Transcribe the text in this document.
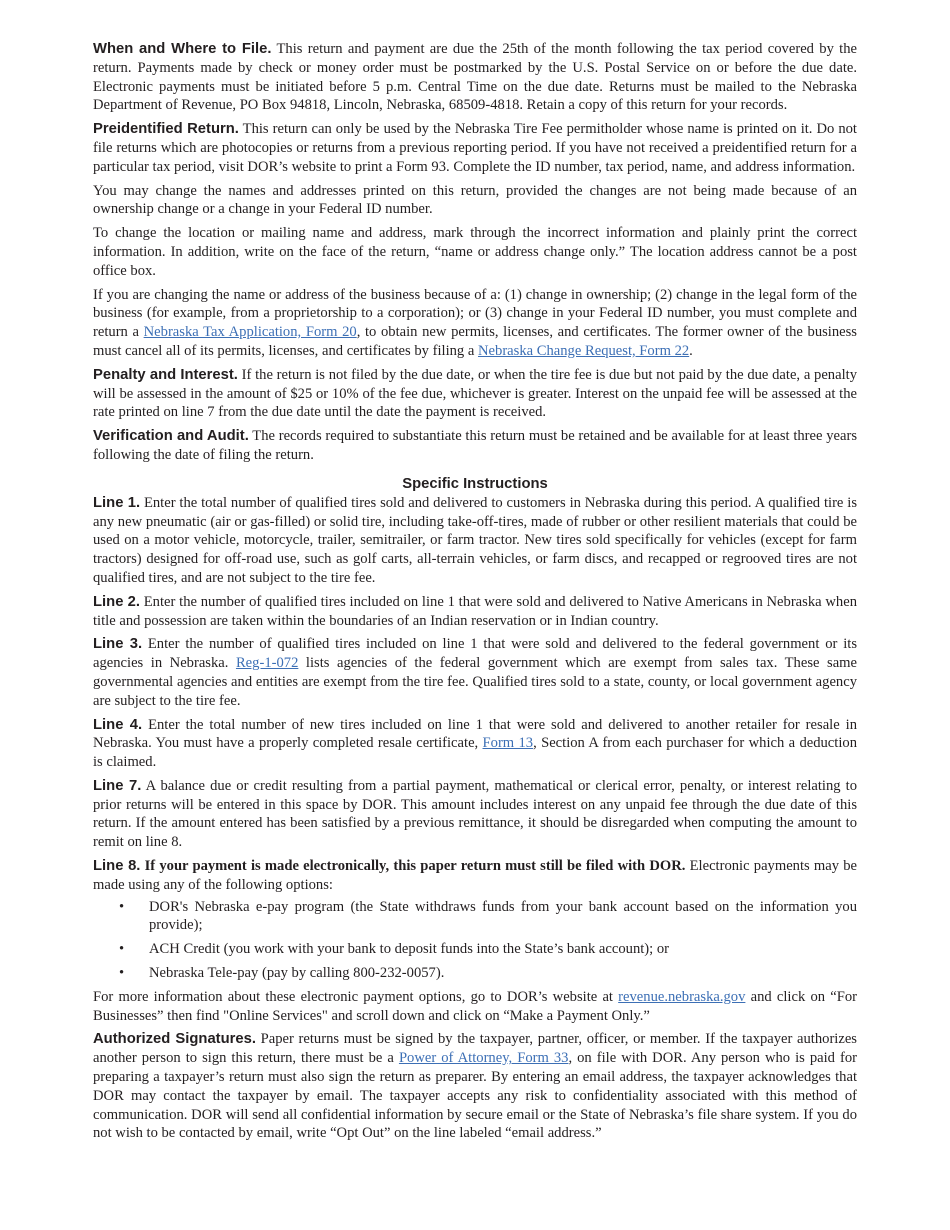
When and Where to File. This return and payment are due the 25th of the month following the tax period covered by the return. Payments made by check or money order must be postmarked by the U.S. Postal Service on or before the due date. Electronic payments must be initiated before 5 p.m. Central Time on the due date. Returns must be mailed to the Nebraska Department of Revenue, PO Box 94818, Lincoln, Nebraska, 68509-4818. Retain a copy of this return for your records.

Preidentified Return. This return can only be used by the Nebraska Tire Fee permitholder whose name is printed on it. Do not file returns which are photocopies or returns from a previous reporting period. If you have not received a preidentified return for a particular tax period, visit DOR’s website to print a Form 93. Complete the ID number, tax period, name, and address information.

You may change the names and addresses printed on this return, provided the changes are not being made because of an ownership change or a change in your Federal ID number.

To change the location or mailing name and address, mark through the incorrect information and plainly print the correct information. In addition, write on the face of the return, “name or address change only.” The location address cannot be a post office box.

If you are changing the name or address of the business because of a: (1) change in ownership; (2) change in the legal form of the business (for example, from a proprietorship to a corporation); or (3) change in your Federal ID number, you must complete and return a Nebraska Tax Application, Form 20, to obtain new permits, licenses, and certificates. The former owner of the business must cancel all of its permits, licenses, and certificates by filing a Nebraska Change Request, Form 22.

Penalty and Interest. If the return is not filed by the due date, or when the tire fee is due but not paid by the due date, a penalty will be assessed in the amount of $25 or 10% of the fee due, whichever is greater. Interest on the unpaid fee will be assessed at the rate printed on line 7 from the due date until the date the payment is received.

Verification and Audit. The records required to substantiate this return must be retained and be available for at least three years following the date of filing the return.

Specific Instructions

Line 1. Enter the total number of qualified tires sold and delivered to customers in Nebraska during this period. A qualified tire is any new pneumatic (air or gas-filled) or solid tire, including take-off-tires, made of rubber or other resilient materials that could be used on a motor vehicle, motorcycle, trailer, semitrailer, or farm tractor. New tires sold specifically for vehicles (except for farm tractors) designed for off-road use, such as golf carts, all-terrain vehicles, or farm discs, and recapped or regrooved tires are not qualified tires, and are not subject to the tire fee.

Line 2. Enter the number of qualified tires included on line 1 that were sold and delivered to Native Americans in Nebraska when title and possession are taken within the boundaries of an Indian reservation or in Indian country.

Line 3. Enter the number of qualified tires included on line 1 that were sold and delivered to the federal government or its agencies in Nebraska. Reg-1-072 lists agencies of the federal government which are exempt from sales tax. These same governmental agencies and entities are exempt from the tire fee. Qualified tires sold to a state, county, or local government agency are subject to the tire fee.

Line 4. Enter the total number of new tires included on line 1 that were sold and delivered to another retailer for resale in Nebraska. You must have a properly completed resale certificate, Form 13, Section A from each purchaser for which a deduction is claimed.

Line 7. A balance due or credit resulting from a partial payment, mathematical or clerical error, penalty, or interest relating to prior returns will be entered in this space by DOR. This amount includes interest on any unpaid fee through the due date of this return. If the amount entered has been satisfied by a previous remittance, it should be disregarded when computing the amount to remit on line 8.

Line 8. If your payment is made electronically, this paper return must still be filed with DOR. Electronic payments may be made using any of the following options:

• DOR's Nebraska e-pay program (the State withdraws funds from your bank account based on the information you provide);
• ACH Credit (you work with your bank to deposit funds into the State’s bank account); or
• Nebraska Tele-pay (pay by calling 800-232-0057).

For more information about these electronic payment options, go to DOR’s website at revenue.nebraska.gov and click on “For Businesses” then find "Online Services" and scroll down and click on “Make a Payment Only.”

Authorized Signatures. Paper returns must be signed by the taxpayer, partner, officer, or member. If the taxpayer authorizes another person to sign this return, there must be a Power of Attorney, Form 33, on file with DOR. Any person who is paid for preparing a taxpayer’s return must also sign the return as preparer. By entering an email address, the taxpayer acknowledges that DOR may contact the taxpayer by email. The taxpayer accepts any risk to confidentiality associated with this method of communication. DOR will send all confidential information by secure email or the State of Nebraska’s file share system. If you do not wish to be contacted by email, write “Opt Out” on the line labeled “email address.”
